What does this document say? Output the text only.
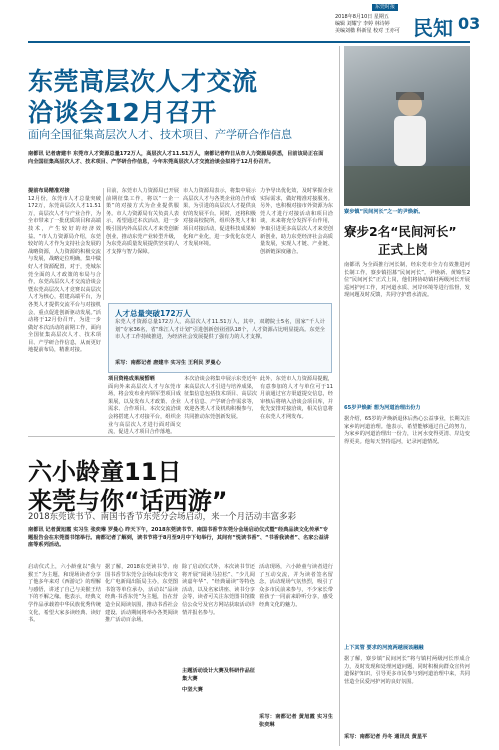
东莞时报
2018年8月10日 星期五
编辑 刘耀宁 李婷 林诗婷
美编刘楹 科新星 校对 王亦可 民知 03
东莞高层次人才交流
洽谈会12月召开
面向全国征集高层次人才、技术项目、产学研合作信息
南都讯 记者唐建丰 东莞市人才资源总量172万人，高层次人才11.51万人，南都记者昨日从市人力资源局获悉，目前该局正在面向全国征集高层次人才、技术项目、产学研合作信息，今年东莞高层次人才交流洽谈会拟将于12月份召开。
提前布局精准对接
12月份，东莞市人才总量突破172万，东莞高层次人才11.51万，高层次人才与产业合作，为全市带来了一批优质项目和高端技术，产生较好的经济效益。“市人力资源局介绍，东莞较好的人才作为支持社会发展的战略资源，人力资源的积极交流与发展，战略定位明确，集中做好人才资源配置，对于，莞城东莞全面的人才政策的布局与合作，东莞高层次人才交流洽谈会暨东莞高层次人才竞赛以高层次人才为核心，搭建高端平台，为各类人才提供交流平台与对接机会，重点促进创新驱动发展。”活动将于12月份召开，为进一步做好本次活动的前期工作，面向全国征集高层次人才、技术项目、产学研合作信息，从而更好地提前布局，精准对接。
目前，东莞市人力资源局已开展前期征集工作，将以“一企一策”的对接方式为企业提供服务。市人力资源局有关负责人表示，希望通过本次活动，进一步吸引国内外高层次人才来莞创新创业，推动东莞产业转型升级，为东莞高质量发展提供坚实的人才支撑与智力保障。
市人力资源局表示，将集中展示高层次人才与各类企业的合作成果，为引进的高层次人才提供良好的发展平台。同时，还将积极对接高校院所，组织各类人才和项目对接活动，促进科技成果转化和产业化，进一步优化东莞人才发展环境。
力争导出优化效，及时掌握企业实际需求，做好精准对接服务。另外，也积极对接市外资源为东莞人才进行对接活动和项目洽谈，未来将充分发挥平台作用，争取引进更多高层次人才来莞创新创业，助力东莞经济社会高质量发展，实现人才链、产业链、创新链深度融合。
人才总量突破172万人
东莞人才资源总量172万人，高层次人才11.51万人，其中，双聘院士5名，国家“千人计划”专家36名，省“珠江人才计划”引进创新创业团队18个，人才资源占比明显提高。东莞全市人才工作持续推进，为经济社会发展提供了强有力的人才支撑。
采写：南都记者 唐建丰 实习生 王利民 罗曼心
项目资格成果展暂晒
面向外来高层次人才与东莞市场，将会发布业内领军型项目成果展，以及发布人才政策、企业需求、合作项目。本次交流洽谈会将搭建人才对接平台，组织企业与高层次人才进行面对面交流，促进人才项目合作落地。
本次洽谈会将集中展示东莞近年来高层次人才引进与培养成果，征集信息包括技术项目、高层次人才信息、产学研合作需求等，欢迎各类人才及机构积极参与，共同推动东莞创新发展。
此外，东莞市人力资源局提醒，有意参加的人才与单位可于11月前通过官方渠道提交信息，经审核后将纳入洽谈会项目库，并优先安排对接洽谈，相关信息将在东莞人才网发布。
六小龄童11日
来莞与你“话西游”
2018东莞读书节、南国书香节东莞分会场启动，来一个月活动丰富多彩
南都讯 记者黄旭霞 实习生 张奕琳 罗曼心 昨天下午，2018东莞读书节、南国书香节东莞分会场启动仪式暨“经典品读文化传承”专题报告会在东莞图书馆举行。南都记者了解到，读书节将于8月至9月中下旬举行，其间有“悦读书香”、“书香我读者”、名家公益讲座等系列活动。
启动仪式上，六小龄童以“我与猴王”为主题，和现场读者分享了他多年来对《西游记》的理解与感悟，讲述了自己与美猴王结下的不解之缘。他表示，经典文学作品承载着中华民族优秀传统文化，希望大家多读经典、读好书。
据了解，2018东莞读书节、南国书香节东莞分会场由东莞市文化广电新闻出版局主办，东莞图书馆等单位承办，活动以“品读经典·书香东莞”为主题，旨在营造全民阅读氛围，推动书香社会建设。活动期间将举办各类阅读推广活动百余场。
除了启动仪式外，本次读书节还将开展“阅读马拉松”、“少儿阅读嘉年华”、“经典诵读”等特色活动，以及名家讲座、读书分享会等，读者可关注东莞图书馆微信公众号及官方网站获取活动详情并报名参与。
主题活动设计大赛及科研作品征集大赛
中坚大赛
活动现场，六小龄童与读者进行了互动交流，并为读者签名留念，活动现场气氛热烈，吸引了众多市民前来参与，不少家长带着孩子一同前来聆听分享，感受经典文化的魅力。
采写：南都记者 黄旭霞 实习生 张奕琳
寮步镇“民间河长”之一的尹焕新。
寮步2名“民间河长”
正式上岗
南都讯 为全面推行河长制，经东莞市全力有效推进河长制工作，寮步镇招募“民间河长”。尹焕新、黄锦生2位“民间河长”正式上岗，他们将协助镇村两级河长开展巡河护河工作，对河道水质、河岸环境等进行监督，发现问题及时反馈，共同守护碧水清流。
65岁尹焕新 想为河道治理出份力
据介绍，65岁的尹焕新退休后热心公益事业，长期关注家乡的河道治理。他表示，希望能够通过自己的努力，为家乡的河道治理出一份力，让河水变得更清、岸边变得更美。他每天坚持巡河，记录河道情况。
上下其管 要求的河流两越展该融融
据了解，寮步镇“民间河长”将与镇村两级河长形成合力，及时发现和处理河道问题，同时积极向群众宣传河道保护知识，引导更多市民参与到河道治理中来，共同营造全民爱河护河的良好氛围。
采写：南都记者 丹冬 通讯员 黄星平
